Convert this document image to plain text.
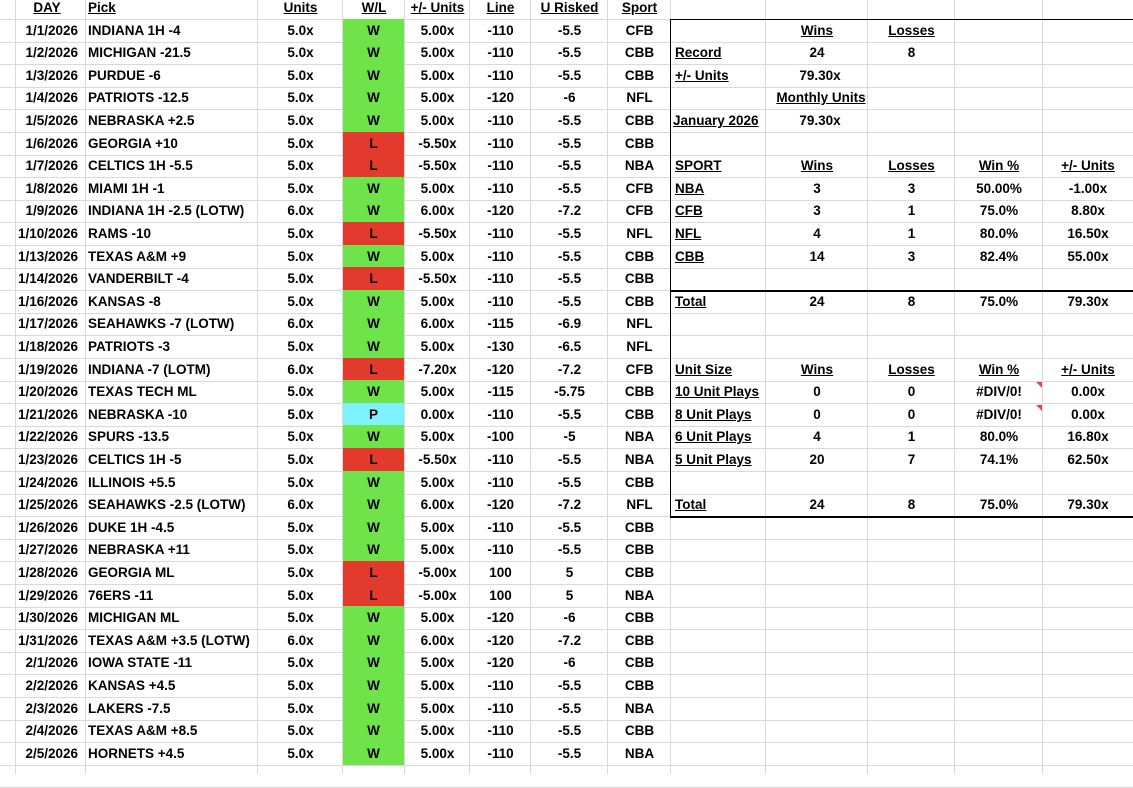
DAY	Pick	Units	W/L	+/- Units	Line	U Risked	Sport
1/1/2026 INDIANA 1H -4	5.0x	W	5.00x	-110	-5.5	CFB
1/2/2026 MICHIGAN -21.5	5.0x	W	5.00x	-110	-5.5	CBB
1/3/2026 PURDUE -6	5.0x	W	5.00x	-110	-5.5	CBB
1/4/2026 PATRIOTS -12.5	5.0x	W	5.00x	-120	-6	NFL
1/5/2026 NEBRASKA +2.5	5.0x	W	5.00x	-110	-5.5	CBB
1/6/2026 GEORGIA +10	5.0x	L	-5.50x	-110	-5.5	CBB
1/7/2026 CELTICS 1H -5.5	5.0x	L	-5.50x	-110	-5.5	NBA
1/8/2026 MIAMI 1H -1	5.0x	W	5.00x	-110	-5.5	CFB
1/9/2026 INDIANA 1H -2.5 (LOTW)	6.0x	W	6.00x	-120	-7.2	CFB
1/10/2026 RAMS -10	5.0x	L	-5.50x	-110	-5.5	NFL
1/13/2026 TEXAS A&M +9	5.0x	W	5.00x	-110	-5.5	CBB
1/14/2026 VANDERBILT -4	5.0x	L	-5.50x	-110	-5.5	CBB
1/16/2026 KANSAS -8	5.0x	W	5.00x	-110	-5.5	CBB
1/17/2026 SEAHAWKS -7 (LOTW)	6.0x	W	6.00x	-115	-6.9	NFL
1/18/2026 PATRIOTS -3	5.0x	W	5.00x	-130	-6.5	NFL
1/19/2026 INDIANA -7 (LOTM)	6.0x	L	-7.20x	-120	-7.2	CFB
1/20/2026 TEXAS TECH ML	5.0x	W	5.00x	-115	-5.75	CBB
1/21/2026 NEBRASKA -10	5.0x	P	0.00x	-110	-5.5	CBB
1/22/2026 SPURS -13.5	5.0x	W	5.00x	-100	-5	NBA
1/23/2026 CELTICS 1H -5	5.0x	L	-5.50x	-110	-5.5	NBA
1/24/2026 ILLINOIS +5.5	5.0x	W	5.00x	-110	-5.5	CBB
1/25/2026 SEAHAWKS -2.5 (LOTW)	6.0x	W	6.00x	-120	-7.2	NFL
1/26/2026 DUKE 1H -4.5	5.0x	W	5.00x	-110	-5.5	CBB
1/27/2026 NEBRASKA +11	5.0x	W	5.00x	-110	-5.5	CBB
1/28/2026 GEORGIA ML	5.0x	L	-5.00x	100	5	CBB
1/29/2026 76ERS -11	5.0x	L	-5.00x	100	5	NBA
1/30/2026 MICHIGAN ML	5.0x	W	5.00x	-120	-6	CBB
1/31/2026 TEXAS A&M +3.5 (LOTW)	6.0x	W	6.00x	-120	-7.2	CBB
2/1/2026 IOWA STATE -11	5.0x	W	5.00x	-120	-6	CBB
2/2/2026 KANSAS +4.5	5.0x	W	5.00x	-110	-5.5	CBB
2/3/2026 LAKERS -7.5	5.0x	W	5.00x	-110	-5.5	NBA
2/4/2026 TEXAS A&M +8.5	5.0x	W	5.00x	-110	-5.5	CBB
2/5/2026 HORNETS +4.5	5.0x	W	5.00x	-110	-5.5	NBA
Wins	Losses
Record	24	8
+/- Units	79.30x
Monthly Units
January 2026	79.30x
SPORT	Wins	Losses	Win %	+/- Units
NBA	3	3	50.00%	-1.00x
CFB	3	1	75.0%	8.80x
NFL	4	1	80.0%	16.50x
CBB	14	3	82.4%	55.00x
Total	24	8	75.0%	79.30x
Unit Size	Wins	Losses	Win %	+/- Units
10 Unit Plays	0	0	#DIV/0!	0.00x
8 Unit Plays	0	0	#DIV/0!	0.00x
6 Unit Plays	4	1	80.0%	16.80x
5 Unit Plays	20	7	74.1%	62.50x
Total	24	8	75.0%	79.30x
